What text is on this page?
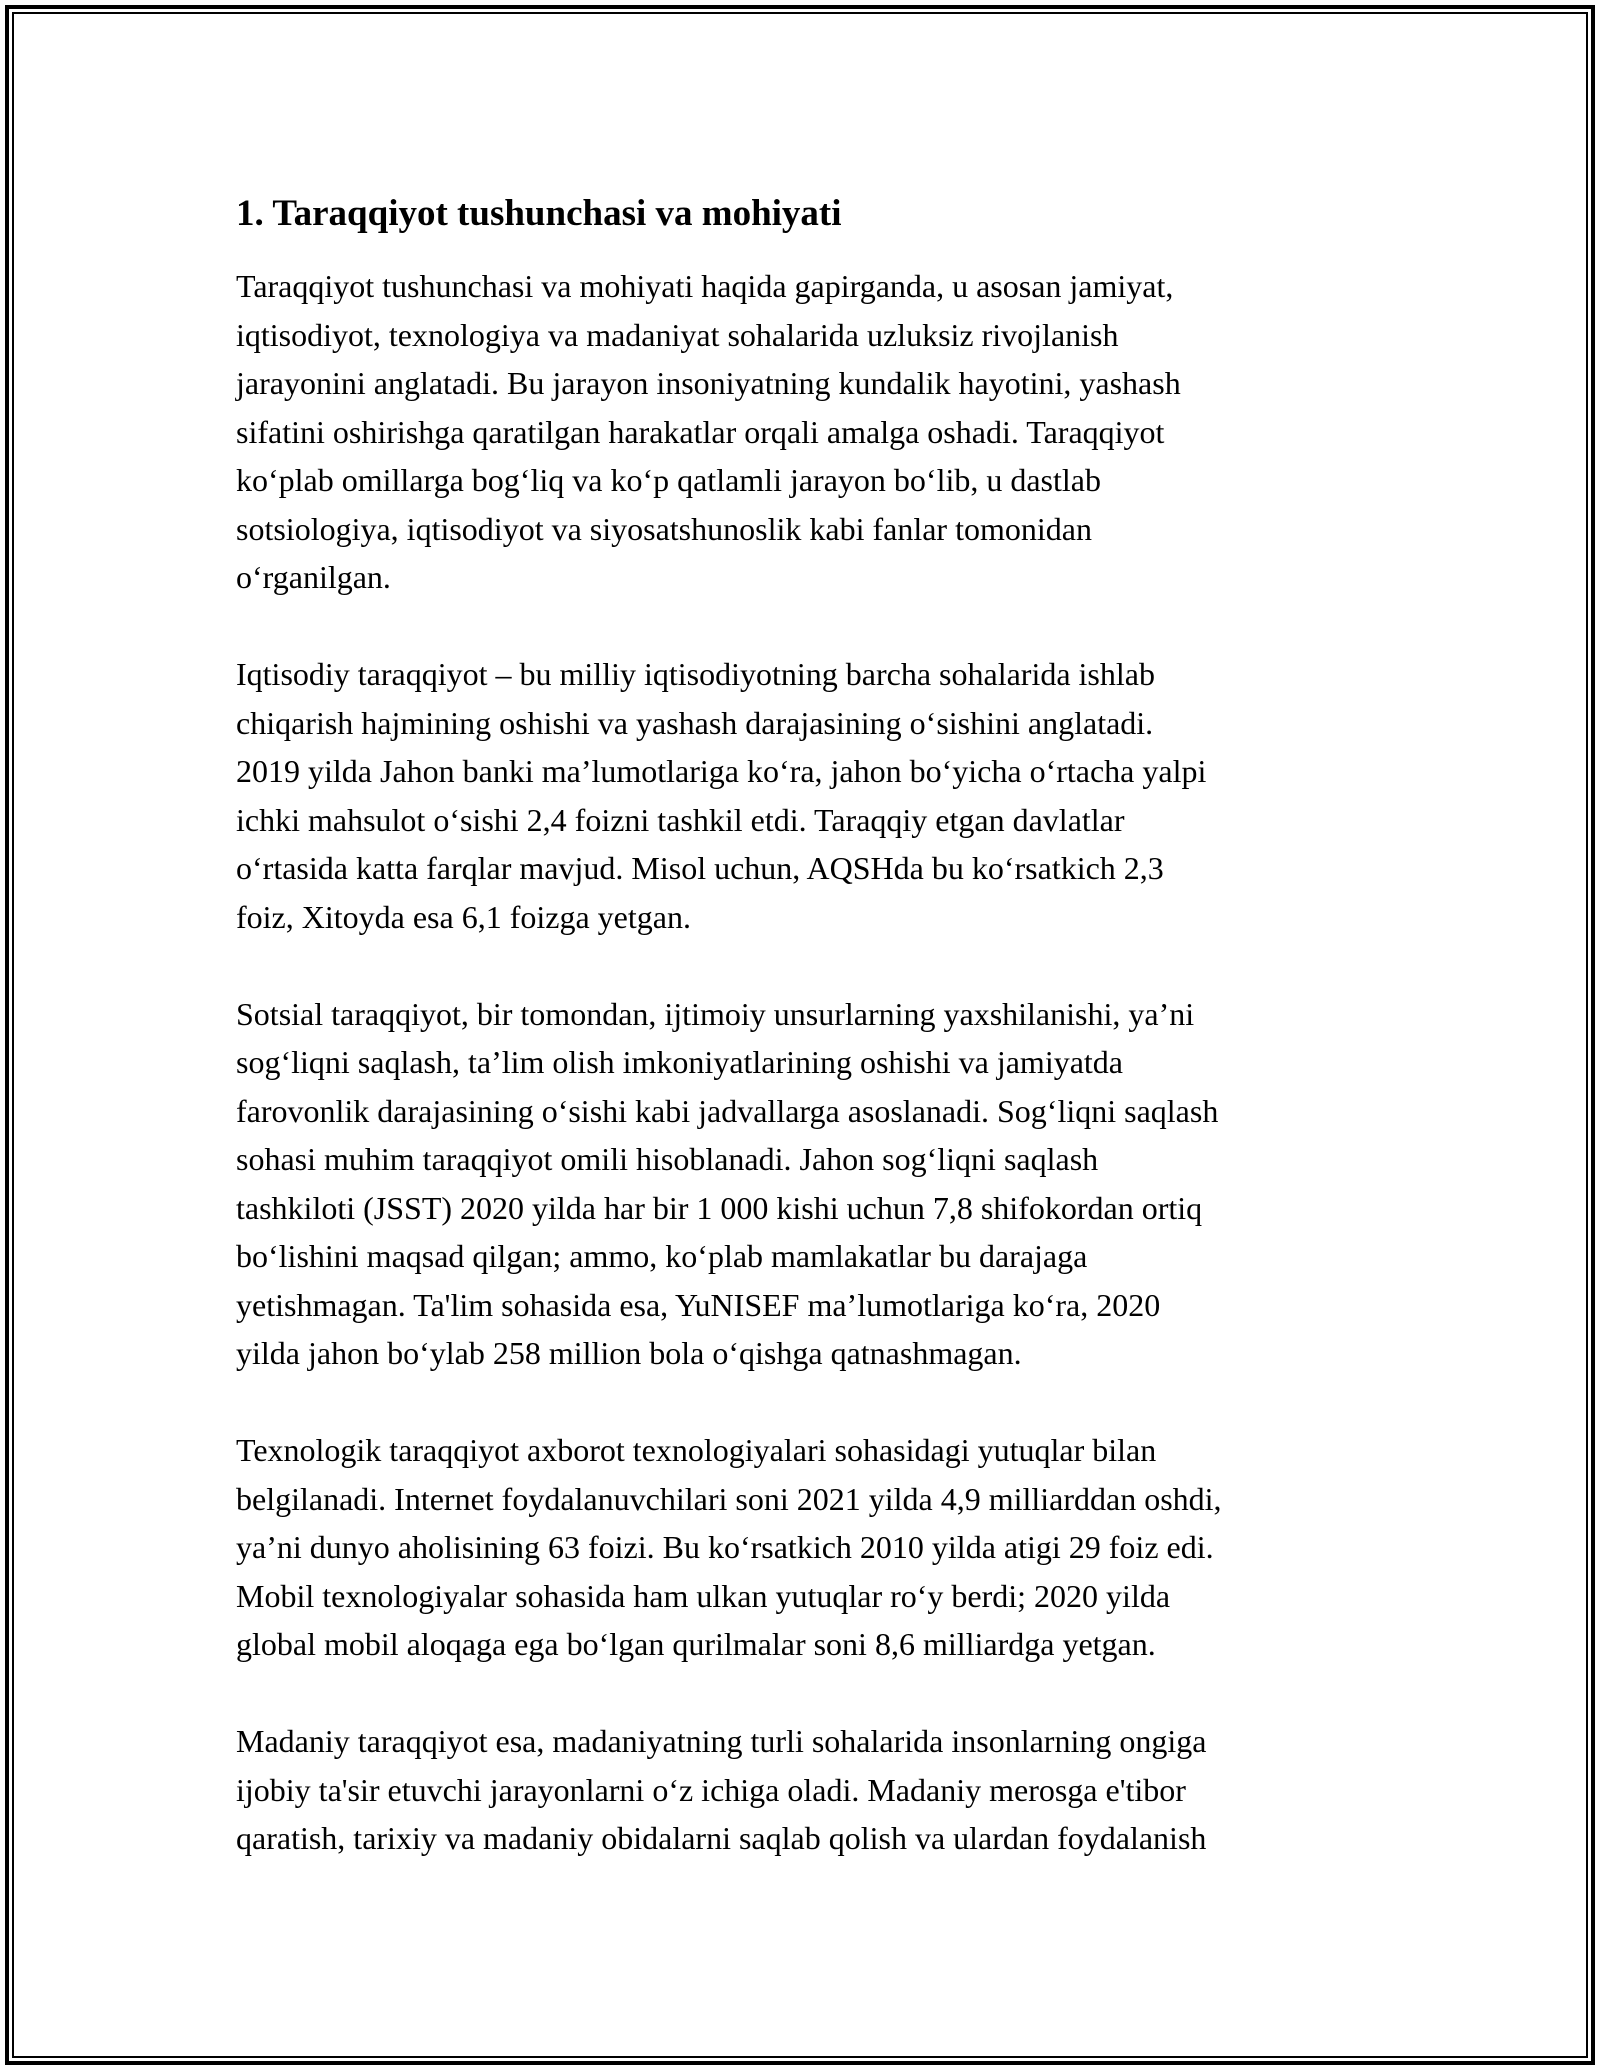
1. Taraqqiyot tushunchasi va mohiyati

Taraqqiyot tushunchasi va mohiyati haqida gapirganda, u asosan jamiyat,
iqtisodiyot, texnologiya va madaniyat sohalarida uzluksiz rivojlanish
jarayonini anglatadi. Bu jarayon insoniyatning kundalik hayotini, yashash
sifatini oshirishga qaratilgan harakatlar orqali amalga oshadi. Taraqqiyot
ko‘plab omillarga bog‘liq va ko‘p qatlamli jarayon bo‘lib, u dastlab
sotsiologiya, iqtisodiyot va siyosatshunoslik kabi fanlar tomonidan
o‘rganilgan.

Iqtisodiy taraqqiyot – bu milliy iqtisodiyotning barcha sohalarida ishlab
chiqarish hajmining oshishi va yashash darajasining o‘sishini anglatadi.
2019 yilda Jahon banki ma’lumotlariga ko‘ra, jahon bo‘yicha o‘rtacha yalpi
ichki mahsulot o‘sishi 2,4 foizni tashkil etdi. Taraqqiy etgan davlatlar
o‘rtasida katta farqlar mavjud. Misol uchun, AQSHda bu ko‘rsatkich 2,3
foiz, Xitoyda esa 6,1 foizga yetgan.

Sotsial taraqqiyot, bir tomondan, ijtimoiy unsurlarning yaxshilanishi, ya’ni
sog‘liqni saqlash, ta’lim olish imkoniyatlarining oshishi va jamiyatda
farovonlik darajasining o‘sishi kabi jadvallarga asoslanadi. Sog‘liqni saqlash
sohasi muhim taraqqiyot omili hisoblanadi. Jahon sog‘liqni saqlash
tashkiloti (JSST) 2020 yilda har bir 1 000 kishi uchun 7,8 shifokordan ortiq
bo‘lishini maqsad qilgan; ammo, ko‘plab mamlakatlar bu darajaga
yetishmagan. Ta'lim sohasida esa, YuNISEF ma’lumotlariga ko‘ra, 2020
yilda jahon bo‘ylab 258 million bola o‘qishga qatnashmagan.

Texnologik taraqqiyot axborot texnologiyalari sohasidagi yutuqlar bilan
belgilanadi. Internet foydalanuvchilari soni 2021 yilda 4,9 milliarddan oshdi,
ya’ni dunyo aholisining 63 foizi. Bu ko‘rsatkich 2010 yilda atigi 29 foiz edi.
Mobil texnologiyalar sohasida ham ulkan yutuqlar ro‘y berdi; 2020 yilda
global mobil aloqaga ega bo‘lgan qurilmalar soni 8,6 milliardga yetgan.

Madaniy taraqqiyot esa, madaniyatning turli sohalarida insonlarning ongiga
ijobiy ta'sir etuvchi jarayonlarni o‘z ichiga oladi. Madaniy merosga e'tibor
qaratish, tarixiy va madaniy obidalarni saqlab qolish va ulardan foydalanish
